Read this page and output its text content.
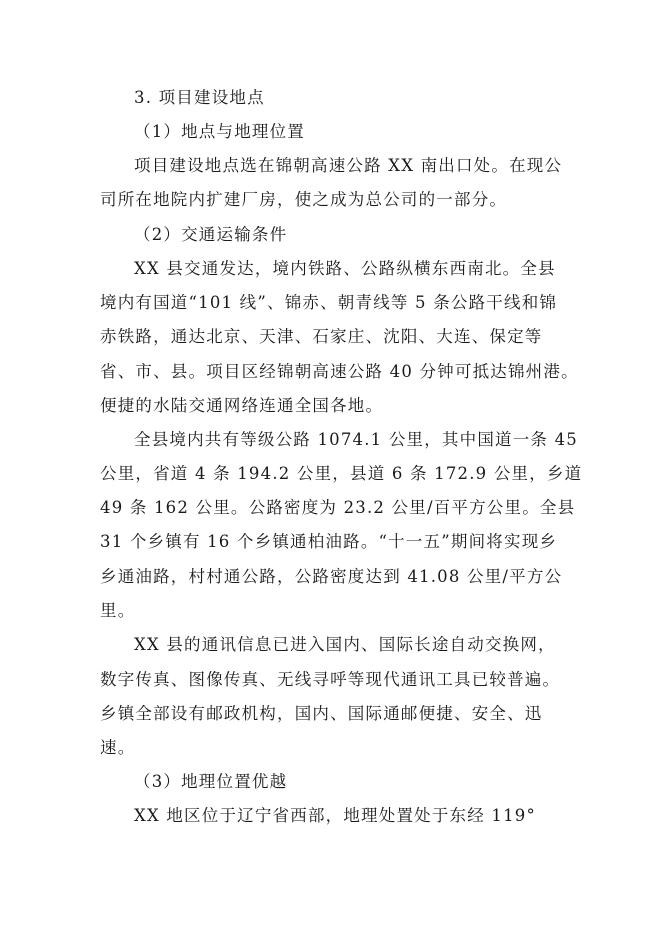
3. 项目建设地点
（1）地点与地理位置
项目建设地点选在锦朝高速公路 XX 南出口处。在现公
司所在地院内扩建厂房，使之成为总公司的一部分。
（2）交通运输条件
XX 县交通发达，境内铁路、公路纵横东西南北。全县
境内有国道“101 线”、锦赤、朝青线等 5 条公路干线和锦
赤铁路，通达北京、天津、石家庄、沈阳、大连、保定等
省、市、县。项目区经锦朝高速公路 40 分钟可抵达锦州港。
便捷的水陆交通网络连通全国各地。
全县境内共有等级公路 1074.1 公里，其中国道一条 45
公里，省道 4 条 194.2 公里，县道 6 条 172.9 公里，乡道
49 条 162 公里。公路密度为 23.2 公里/百平方公里。全县
31 个乡镇有 16 个乡镇通柏油路。“十一五”期间将实现乡
乡通油路，村村通公路，公路密度达到 41.08 公里/平方公
里。
XX 县的通讯信息已进入国内、国际长途自动交换网，
数字传真、图像传真、无线寻呼等现代通讯工具已较普遍。
乡镇全部设有邮政机构，国内、国际通邮便捷、安全、迅
速。
（3）地理位置优越
XX 地区位于辽宁省西部，地理处置处于东经 119°
